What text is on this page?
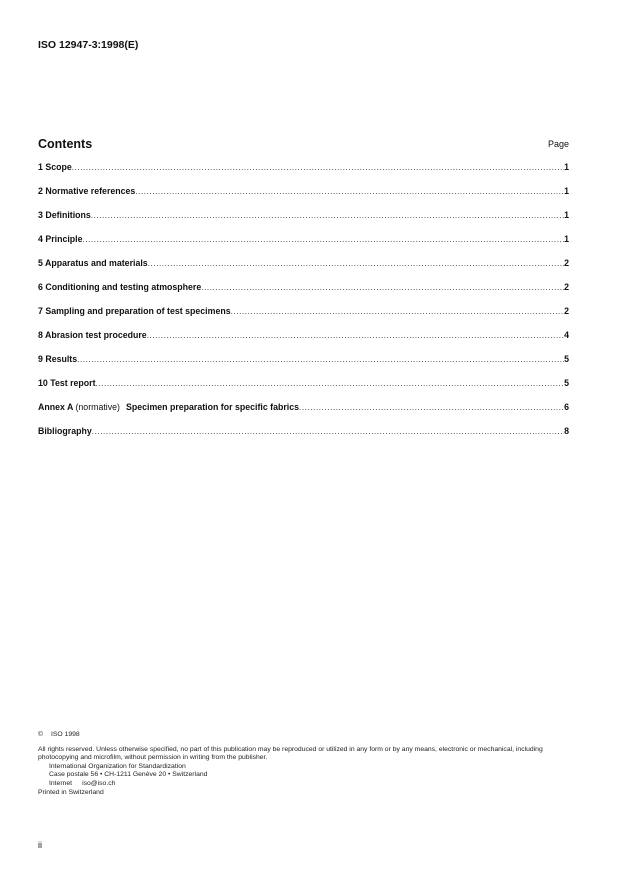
ISO 12947-3:1998(E)
Contents	Page
1 Scope .....	1
2 Normative references .....	1
3 Definitions .....	1
4 Principle .....	1
5 Apparatus and materials .....	2
6 Conditioning and testing atmosphere .....	2
7 Sampling and preparation of test specimens .....	2
8 Abrasion test procedure .....	4
9 Results .....	5
10 Test report .....	5
Annex A (normative) Specimen preparation for specific fabrics .....	6
Bibliography .....	8

© ISO 1998

All rights reserved. Unless otherwise specified, no part of this publication may be reproduced or utilized in any form or by any means, electronic or mechanical, including photocopying and microfilm, without permission in writing from the publisher.

International Organization for Standardization

Case postale 56 • CH-1211 Genève 20 • Switzerland

Internet iso@iso.ch

Printed in Switzerland

ii
